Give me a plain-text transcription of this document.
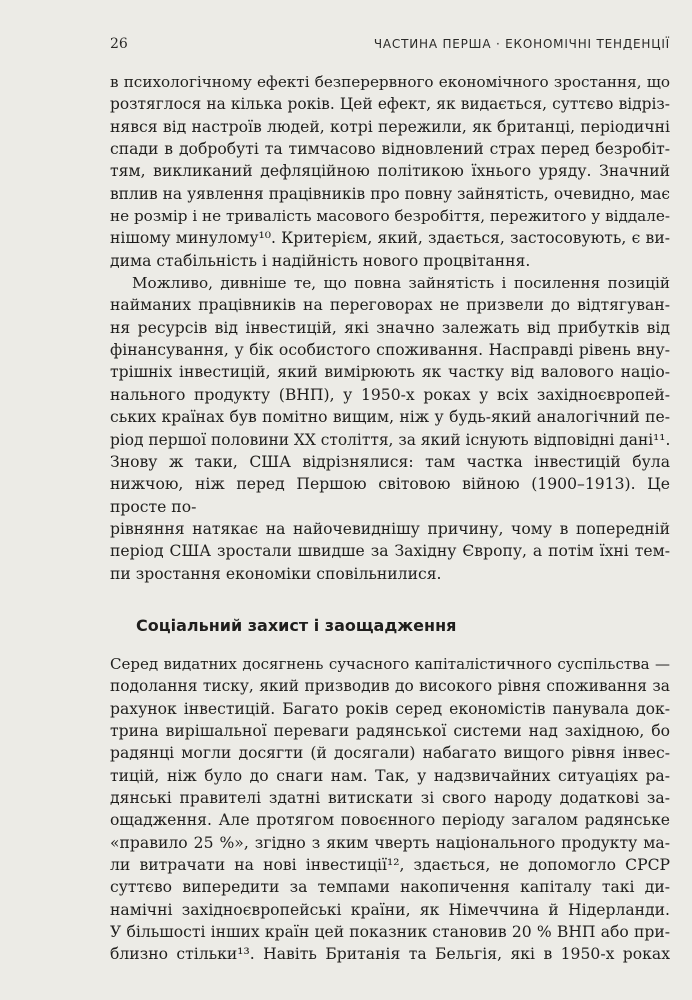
26	ЧАСТИНА ПЕРША · ЕКОНОМІЧНІ ТЕНДЕНЦІЇ

в психологічному ефекті безперервного економічного зростання, що
розтяглося на кілька років. Цей ефект, як видається, суттєво відріз-
нявся від настроїв людей, котрі пережили, як британці, періодичні
спади в добробуті та тимчасово відновлений страх перед безробіт-
тям, викликаний дефляційною політикою їхнього уряду. Значний
вплив на уявлення працівників про повну зайнятість, очевидно, має
не розмір і не тривалість масового безробіття, пережитого у віддале-
нішому минулому¹⁰. Критерієм, який, здається, застосовують, є ви-
дима стабільність і надійність нового процвітання.

Можливо, дивніше те, що повна зайнятість і посилення позицій
найманих працівників на переговорах не призвели до відтягуван-
ня ресурсів від інвестицій, які значно залежать від прибутків від
фінансування, у бік особистого споживання. Насправді рівень вну-
трішніх інвестицій, який вимірюють як частку від валового націо-
нального продукту (ВНП), у 1950-х роках у всіх західноєвропей-
ських країнах був помітно вищим, ніж у будь-який аналогічний пе-
ріод першої половини XX століття, за який існують відповідні дані¹¹.
Знову ж таки, США відрізнялися: там частка інвестицій була нижчою, ніж перед Першою світовою війною (1900–1913). Це просте по-
рівняння натякає на найочевиднішу причину, чому в попередній
період США зростали швидше за Західну Європу, а потім їхні тем-
пи зростання економіки сповільнилися.

Соціальний захист і заощадження

Серед видатних досягнень сучасного капіталістичного суспільства —
подолання тиску, який призводив до високого рівня споживання за
рахунок інвестицій. Багато років серед економістів панувала док-
трина вирішальної переваги радянської системи над західною, бо
радянці могли досягти (й досягали) набагато вищого рівня інвес-
тицій, ніж було до снаги нам. Так, у надзвичайних ситуаціях ра-
дянські правителі здатні витискати зі свого народу додаткові за-
ощадження. Але протягом повоєнного періоду загалом радянське
«правило 25 %», згідно з яким чверть національного продукту ма-
ли витрачати на нові інвестиції¹², здається, не допомогло СРСР
суттєво випередити за темпами накопичення капіталу такі ди-
намічні західноєвропейські країни, як Німеччина й Нідерланди.
У більшості інших країн цей показник становив 20 % ВНП або при-
близно стільки¹³. Навіть Британія та Бельгія, які в 1950-х роках
